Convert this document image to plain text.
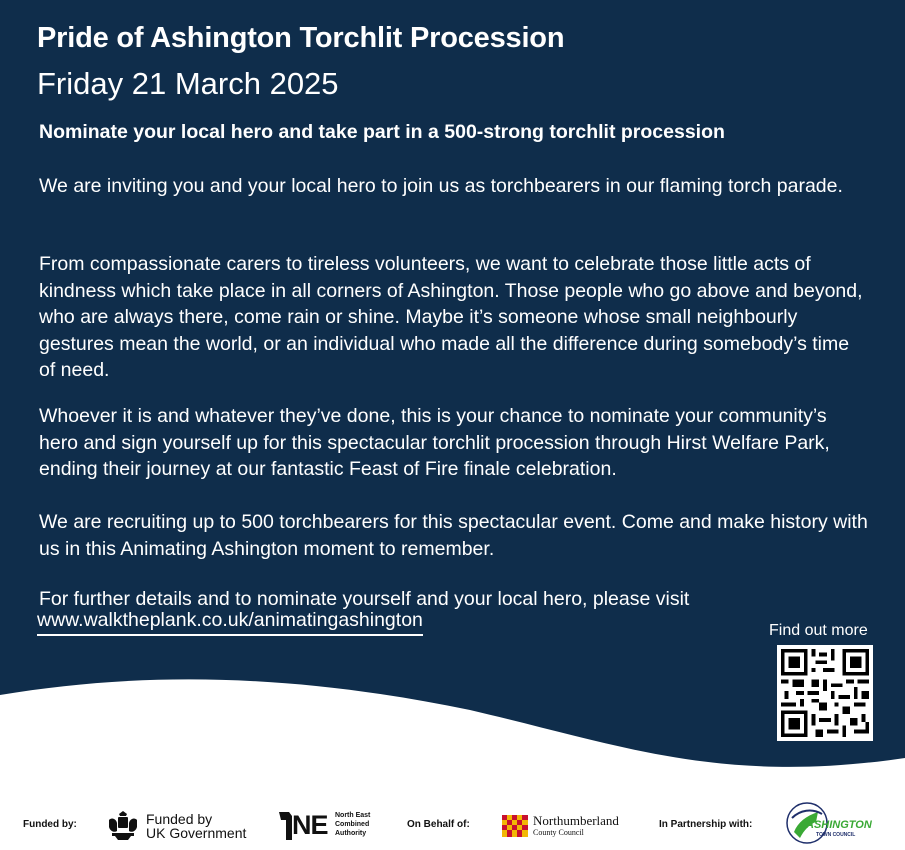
Pride of Ashington Torchlit Procession
Friday 21 March 2025
Nominate your local hero and take part in a 500-strong torchlit procession
We are inviting you and your local hero to join us as torchbearers in our flaming torch parade.
From compassionate carers to tireless volunteers, we want to celebrate those little acts of kindness which take place in all corners of Ashington. Those people who go above and beyond, who are always there, come rain or shine. Maybe it’s someone whose small neighbourly gestures mean the world, or an individual who made all the difference during somebody’s time of need.
Whoever it is and whatever they’ve done, this is your chance to nominate your community’s hero and sign yourself up for this spectacular torchlit procession through Hirst Welfare Park, ending their journey at our fantastic Feast of Fire finale celebration.
We are recruiting up to 500 torchbearers for this spectacular event. Come and make history with us in this Animating Ashington moment to remember.
For further details and to nominate yourself and your local hero, please visit
www.walktheplank.co.uk/animatingashington	Find out more
Funded by:	Funded by
UK Government NE North East
Combined
Authority
On Behalf of:	Northumberland
County Council
In Partnership with:	ASHINGTON
TOWN COUNCIL
